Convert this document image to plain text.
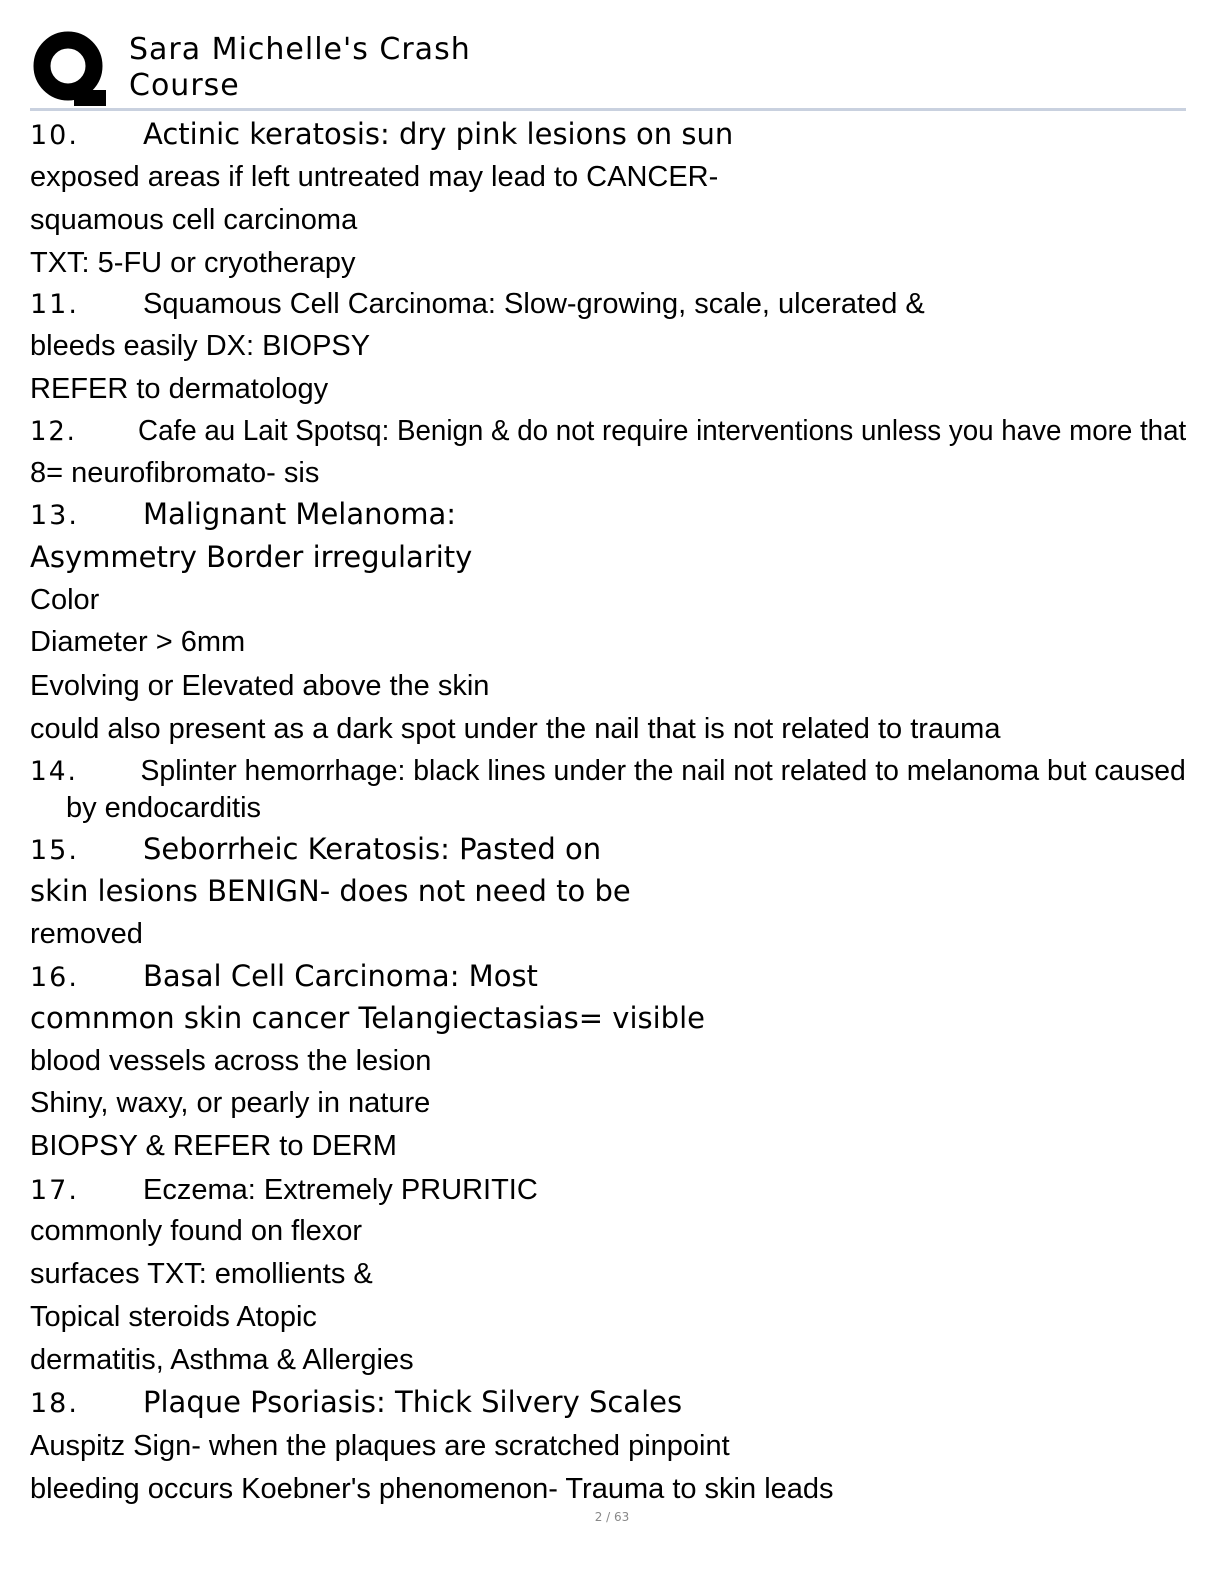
Sara Michelle's Crash
Course
10. Actinic keratosis: dry pink lesions on sun
exposed areas if left untreated may lead to CANCER-
squamous cell carcinoma
TXT: 5-FU or cryotherapy
11. Squamous Cell Carcinoma: Slow-growing, scale, ulcerated &
bleeds easily DX: BIOPSY
REFER to dermatology
12. Cafe au Lait Spotsq: Benign & do not require interventions unless you have more that
8= neurofibromato- sis
13. Malignant Melanoma:
Asymmetry Border irregularity
Color
Diameter > 6mm
Evolving or Elevated above the skin
could also present as a dark spot under the nail that is not related to trauma
14. Splinter hemorrhage: black lines under the nail not related to melanoma but caused
by endocarditis
15. Seborrheic Keratosis: Pasted on
skin lesions BENIGN- does not need to be
removed
16. Basal Cell Carcinoma: Most
comnmon skin cancer Telangiectasias= visible
blood vessels across the lesion
Shiny, waxy, or pearly in nature
BIOPSY & REFER to DERM
17. Eczema: Extremely PRURITIC
commonly found on flexor
surfaces TXT: emollients &
Topical steroids Atopic
dermatitis, Asthma & Allergies
18. Plaque Psoriasis: Thick Silvery Scales
Auspitz Sign- when the plaques are scratched pinpoint
bleeding occurs Koebner's phenomenon- Trauma to skin leads
2 / 63
